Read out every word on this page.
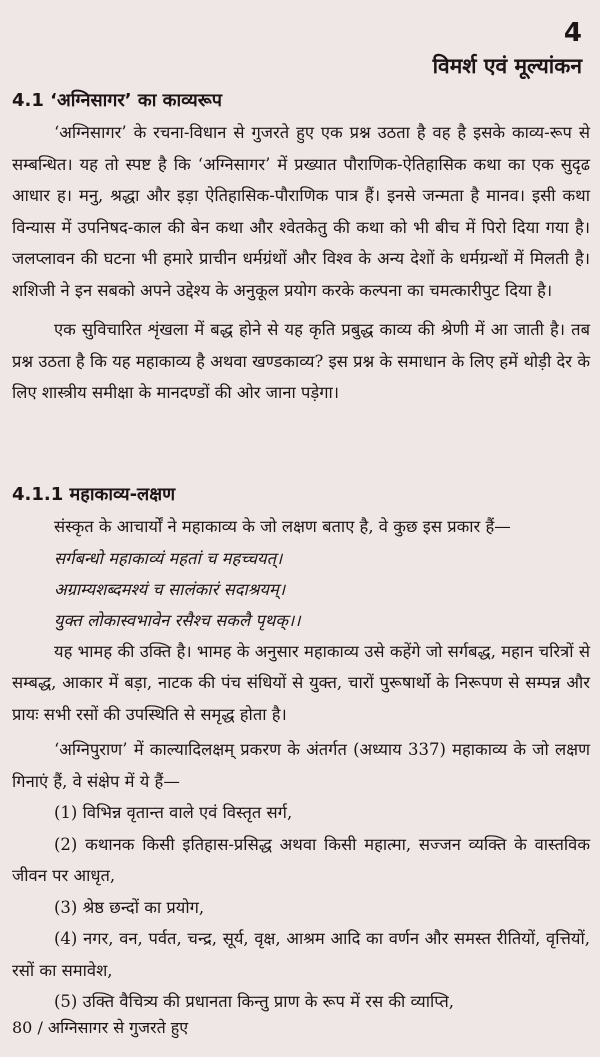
4
विमर्श एवं मूल्यांकन
4.1 ‘अग्निसागर’ का काव्यरूप

‘अग्निसागर’ के रचना-विधान से गुजरते हुए एक प्रश्न उठता है वह है इसके काव्य-रूप से सम्बन्धित। यह तो स्पष्ट है कि ‘अग्निसागर’ में प्रख्यात पौराणिक-ऐतिहासिक कथा का एक सुदृढ आधार ह। मनु, श्रद्धा और इड़ा ऐतिहासिक-पौराणिक पात्र हैं। इनसे जन्मता है मानव। इसी कथा विन्यास में उपनिषद-काल की बेन कथा और श्वेतकेतु की कथा को भी बीच में पिरो दिया गया है। जलप्लावन की घटना भी हमारे प्राचीन धर्मग्रंथों और विश्व के अन्य देशों के धर्मग्रन्थों में मिलती है। शशिजी ने इन सबको अपने उद्देश्य के अनुकूल प्रयोग करके कल्पना का चमत्कारीपुट दिया है।

एक सुविचारित शृंखला में बद्ध होने से यह कृति प्रबुद्ध काव्य की श्रेणी में आ जाती है। तब प्रश्न उठता है कि यह महाकाव्य है अथवा खण्डकाव्य? इस प्रश्न के समाधान के लिए हमें थोड़ी देर के लिए शास्त्रीय समीक्षा के मानदण्डों की ओर जाना पड़ेगा।

4.1.1 महाकाव्य-लक्षण

संस्कृत के आचार्यों ने महाकाव्य के जो लक्षण बताए है, वे कुछ इस प्रकार हैं—

सर्गबन्धो महाकाव्यं महतां च महच्चयत्।

अग्राम्यशब्दमश्यं च सालंकारं सदाश्रयम्।

युक्त लोकास्वभावेन रसैश्च सकलै पृथक्।।

यह भामह की उक्ति है। भामह के अनुसार महाकाव्य उसे कहेंगे जो सर्गबद्ध, महान चरित्रों से सम्बद्ध, आकार में बड़ा, नाटक की पंच संधियों से युक्त, चारों पुरूषार्थो के निरूपण से सम्पन्न और प्रायः सभी रसों की उपस्थिति से समृद्ध होता है।

‘अग्निपुराण’ में काल्यादिलक्षम् प्रकरण के अंतर्गत (अध्याय 337) महाकाव्य के जो लक्षण गिनाएं हैं, वे संक्षेप में ये हैं—

(1) विभिन्न वृतान्त वाले एवं विस्तृत सर्ग,

(2) कथानक किसी इतिहास-प्रसिद्ध अथवा किसी महात्मा, सज्जन व्यक्ति के वास्तविक जीवन पर आधृत,

(3) श्रेष्ठ छन्दों का प्रयोग,

(4) नगर, वन, पर्वत, चन्द्र, सूर्य, वृक्ष, आश्रम आदि का वर्णन और समस्त रीतियों, वृत्तियों, रसों का समावेश,

(5) उक्ति वैचित्र्य की प्रधानता किन्तु प्राण के रूप में रस की व्याप्ति,

80 / अग्निसागर से गुजरते हुए
